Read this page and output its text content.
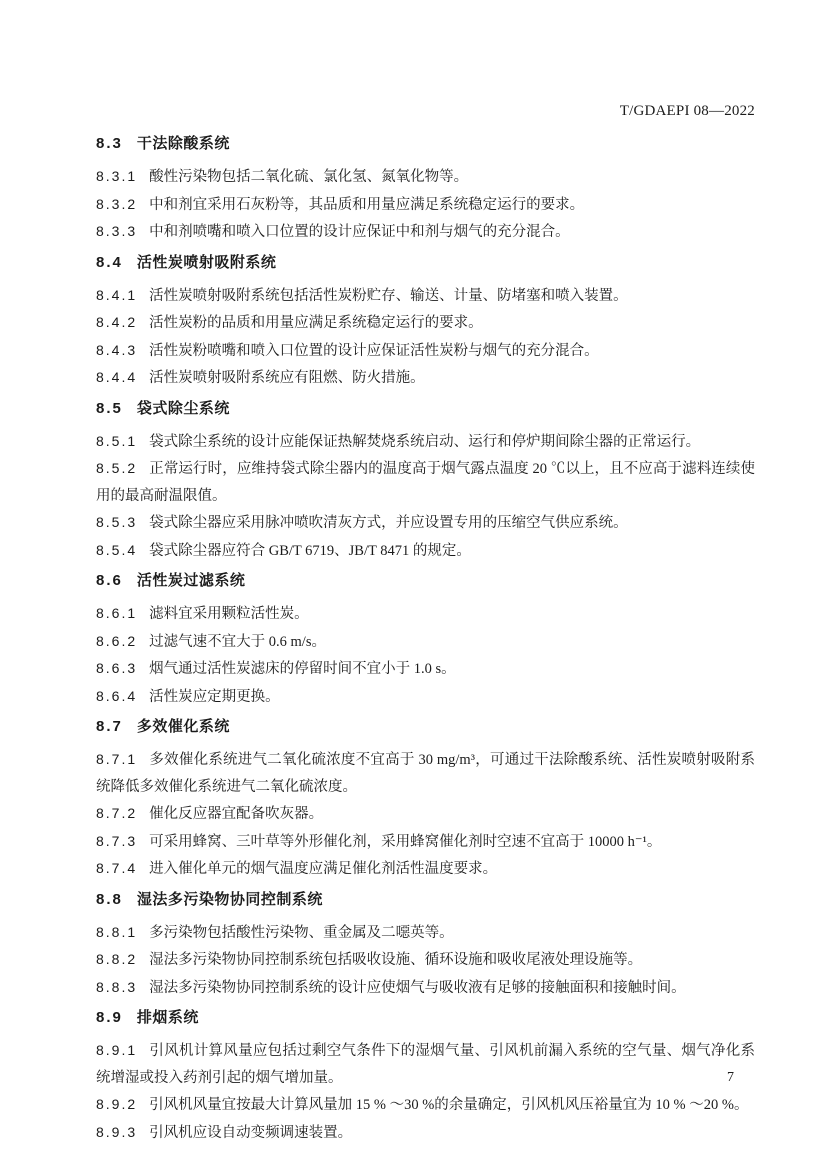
T/GDAEPI 08—2022
8.3 干法除酸系统

8.3.1 酸性污染物包括二氧化硫、氯化氢、氮氧化物等。

8.3.2 中和剂宜采用石灰粉等，其品质和用量应满足系统稳定运行的要求。

8.3.3 中和剂喷嘴和喷入口位置的设计应保证中和剂与烟气的充分混合。

8.4 活性炭喷射吸附系统

8.4.1 活性炭喷射吸附系统包括活性炭粉贮存、输送、计量、防堵塞和喷入装置。

8.4.2 活性炭粉的品质和用量应满足系统稳定运行的要求。

8.4.3 活性炭粉喷嘴和喷入口位置的设计应保证活性炭粉与烟气的充分混合。

8.4.4 活性炭喷射吸附系统应有阻燃、防火措施。

8.5 袋式除尘系统

8.5.1 袋式除尘系统的设计应能保证热解焚烧系统启动、运行和停炉期间除尘器的正常运行。

8.5.2 正常运行时，应维持袋式除尘器内的温度高于烟气露点温度 20 ℃以上，且不应高于滤料连续使用的最高耐温限值。

8.5.3 袋式除尘器应采用脉冲喷吹清灰方式，并应设置专用的压缩空气供应系统。

8.5.4 袋式除尘器应符合 GB/T 6719、JB/T 8471 的规定。

8.6 活性炭过滤系统

8.6.1 滤料宜采用颗粒活性炭。

8.6.2 过滤气速不宜大于 0.6 m/s。

8.6.3 烟气通过活性炭滤床的停留时间不宜小于 1.0 s。

8.6.4 活性炭应定期更换。

8.7 多效催化系统

8.7.1 多效催化系统进气二氧化硫浓度不宜高于 30 mg/m³，可通过干法除酸系统、活性炭喷射吸附系统降低多效催化系统进气二氧化硫浓度。

8.7.2 催化反应器宜配备吹灰器。

8.7.3 可采用蜂窝、三叶草等外形催化剂，采用蜂窝催化剂时空速不宜高于 10000 h⁻¹。

8.7.4 进入催化单元的烟气温度应满足催化剂活性温度要求。

8.8 湿法多污染物协同控制系统

8.8.1 多污染物包括酸性污染物、重金属及二噁英等。

8.8.2 湿法多污染物协同控制系统包括吸收设施、循环设施和吸收尾液处理设施等。

8.8.3 湿法多污染物协同控制系统的设计应使烟气与吸收液有足够的接触面积和接触时间。

8.9 排烟系统

8.9.1 引风机计算风量应包括过剩空气条件下的湿烟气量、引风机前漏入系统的空气量、烟气净化系统增湿或投入药剂引起的烟气增加量。

8.9.2 引风机风量宜按最大计算风量加 15 % ～30 %的余量确定，引风机风压裕量宜为 10 % ～20 %。

8.9.3 引风机应设自动变频调速装置。

7
